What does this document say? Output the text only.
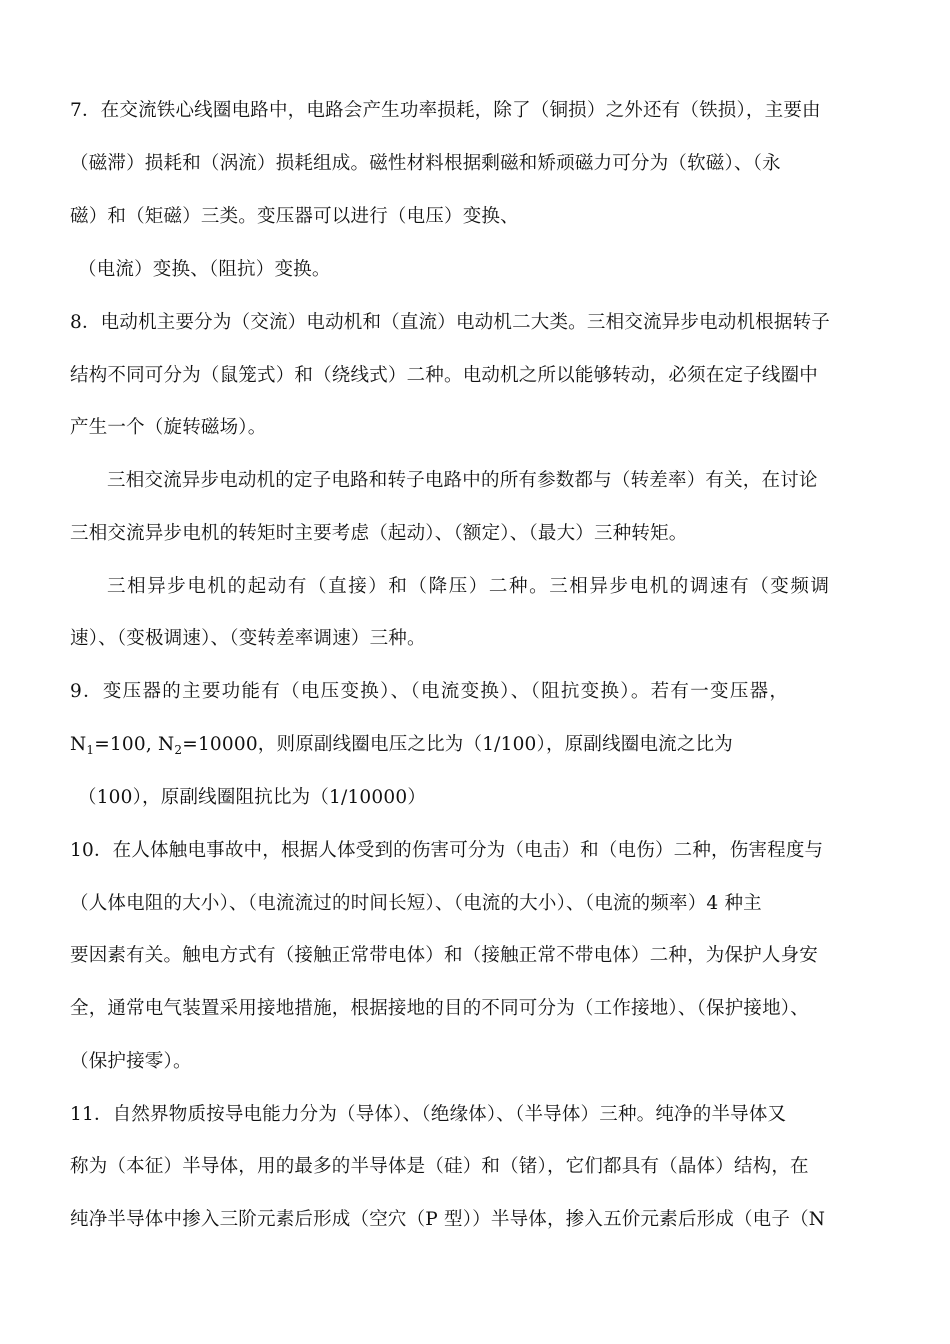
7．在交流铁心线圈电路中，电路会产生功率损耗，除了（铜损）之外还有（铁损），主要由
（磁滞）损耗和（涡流）损耗组成。磁性材料根据剩磁和矫顽磁力可分为（软磁）、（永
磁）和（矩磁）三类。变压器可以进行（电压）变换、
（电流）变换、（阻抗）变换。
8．电动机主要分为（交流）电动机和（直流）电动机二大类。三相交流异步电动机根据转子
结构不同可分为（鼠笼式）和（绕线式）二种。电动机之所以能够转动，必须在定子线圈中
产生一个（旋转磁场）。
三相交流异步电动机的定子电路和转子电路中的所有参数都与（转差率）有关，在讨论
三相交流异步电机的转矩时主要考虑（起动）、（额定）、（最大）三种转矩。
三相异步电机的起动有（直接）和（降压）二种。三相异步电机的调速有（变频调
速）、（变极调速）、（变转差率调速）三种。
9．变压器的主要功能有（电压变换）、（电流变换）、（阻抗变换）。若有一变压器，
$N_1=100$, $N_2=10000$，则原副线圈电压之比为（1/100），原副线圈电流之比为
（100），原副线圈阻抗比为（1/10000）
10．在人体触电事故中，根据人体受到的伤害可分为（电击）和（电伤）二种，伤害程度与
（人体电阻的大小）、（电流流过的时间长短）、（电流的大小）、（电流的频率）4 种主
要因素有关。触电方式有（接触正常带电体）和（接触正常不带电体）二种，为保护人身安
全，通常电气装置采用接地措施，根据接地的目的不同可分为（工作接地）、（保护接地）、
（保护接零）。
11．自然界物质按导电能力分为（导体）、（绝缘体）、（半导体）三种。纯净的半导体又
称为（本征）半导体，用的最多的半导体是（硅）和（锗），它们都具有（晶体）结构，在
纯净半导体中掺入三阶元素后形成（空穴（P 型））半导体，掺入五价元素后形成（电子（N
